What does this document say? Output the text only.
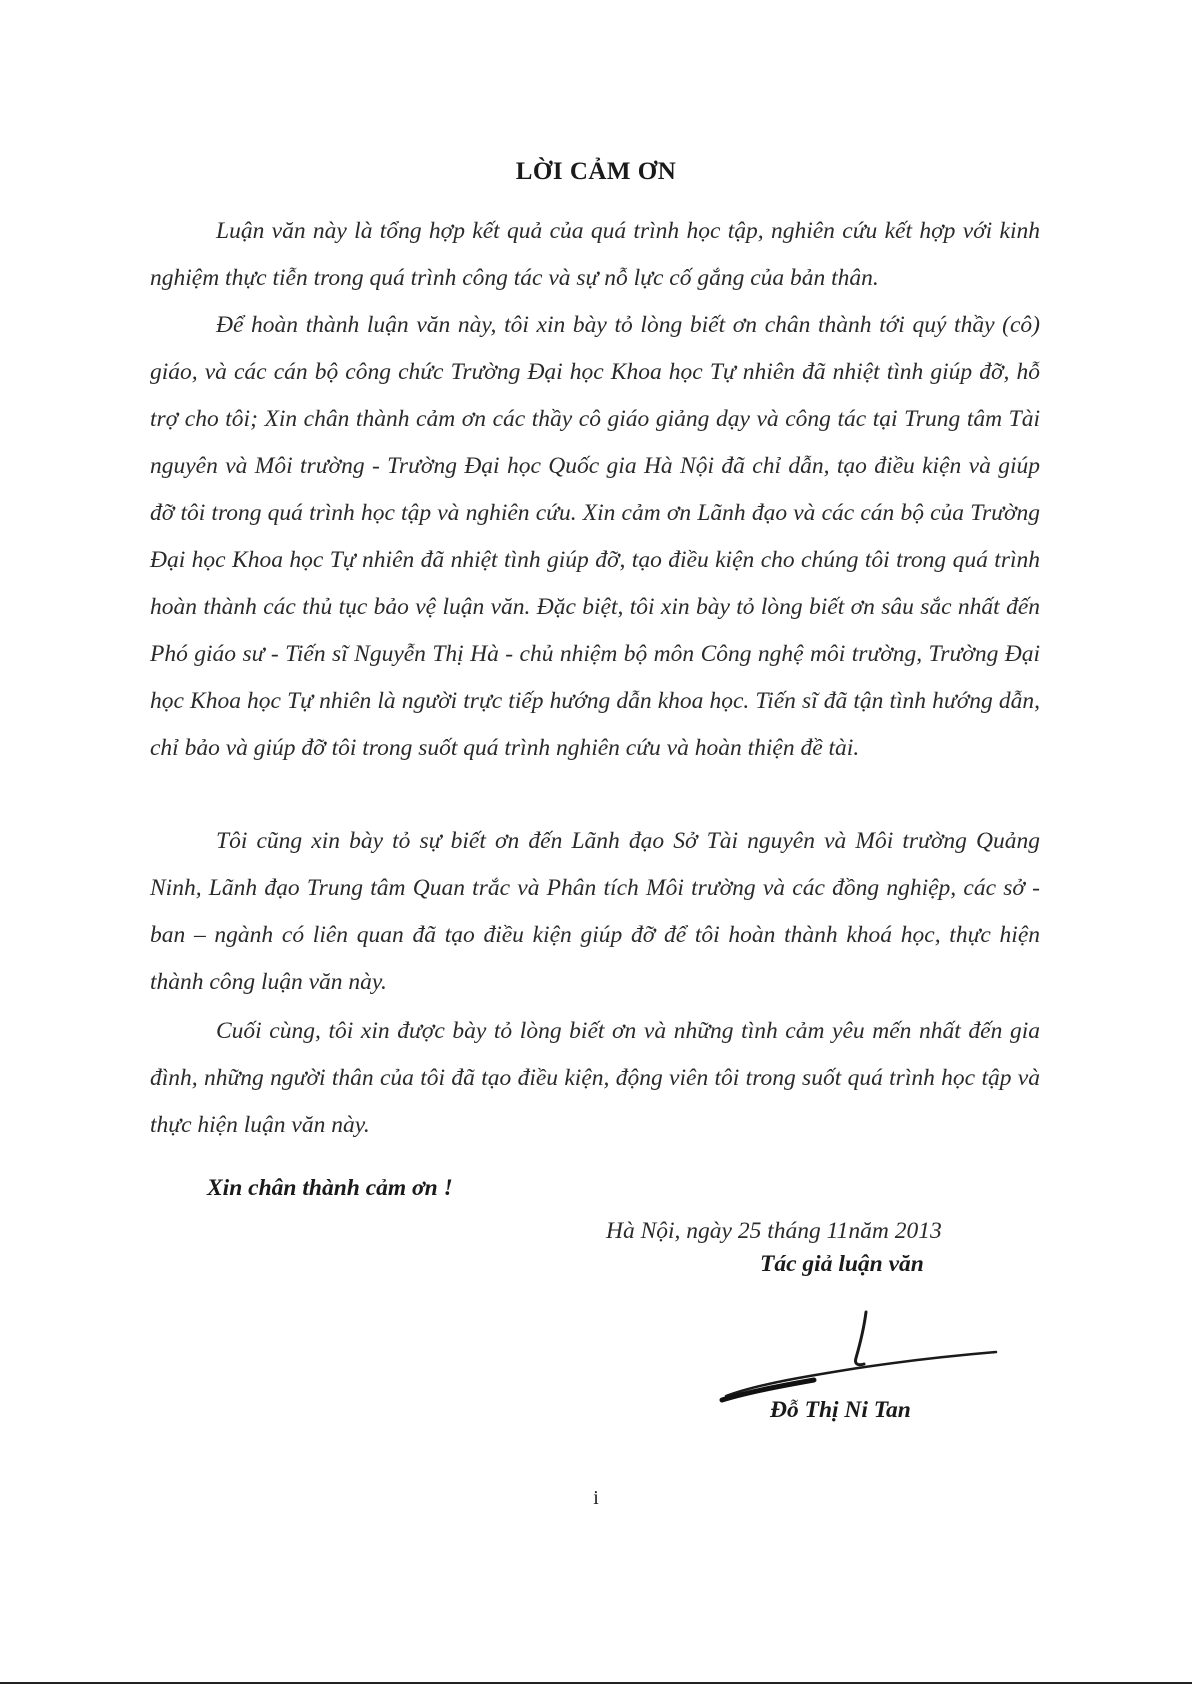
LỜI CẢM ƠN

Luận văn này là tổng hợp kết quả của quá trình học tập, nghiên cứu kết hợp với kinh nghiệm thực tiễn trong quá trình công tác và sự nỗ lực cố gắng của bản thân.

Để hoàn thành luận văn này, tôi xin bày tỏ lòng biết ơn chân thành tới quý thầy (cô) giáo, và các cán bộ công chức Trường Đại học Khoa học Tự nhiên đã nhiệt tình giúp đỡ, hỗ trợ cho tôi; Xin chân thành cảm ơn các thầy cô giáo giảng dạy và công tác tại Trung tâm Tài nguyên và Môi trường - Trường Đại học Quốc gia Hà Nội đã chỉ dẫn, tạo điều kiện và giúp đỡ tôi trong quá trình học tập và nghiên cứu. Xin cảm ơn Lãnh đạo và các cán bộ của Trường Đại học Khoa học Tự nhiên đã nhiệt tình giúp đỡ, tạo điều kiện cho chúng tôi trong quá trình hoàn thành các thủ tục bảo vệ luận văn. Đặc biệt, tôi xin bày tỏ lòng biết ơn sâu sắc nhất đến Phó giáo sư - Tiến sĩ Nguyễn Thị Hà - chủ nhiệm bộ môn Công nghệ môi trường, Trường Đại học Khoa học Tự nhiên là người trực tiếp hướng dẫn khoa học. Tiến sĩ đã tận tình hướng dẫn, chỉ bảo và giúp đỡ tôi trong suốt quá trình nghiên cứu và hoàn thiện đề tài.

Tôi cũng xin bày tỏ sự biết ơn đến Lãnh đạo Sở Tài nguyên và Môi trường Quảng Ninh, Lãnh đạo Trung tâm Quan trắc và Phân tích Môi trường và các đồng nghiệp, các sở - ban – ngành có liên quan đã tạo điều kiện giúp đỡ để tôi hoàn thành khoá học, thực hiện thành công luận văn này.

Cuối cùng, tôi xin được bày tỏ lòng biết ơn và những tình cảm yêu mến nhất đến gia đình, những người thân của tôi đã tạo điều kiện, động viên tôi trong suốt quá trình học tập và thực hiện luận văn này.

Xin chân thành cảm ơn !
Hà Nội, ngày 25 tháng 11năm 2013
Tác giả luận văn
Đỗ Thị Ni Tan
i
